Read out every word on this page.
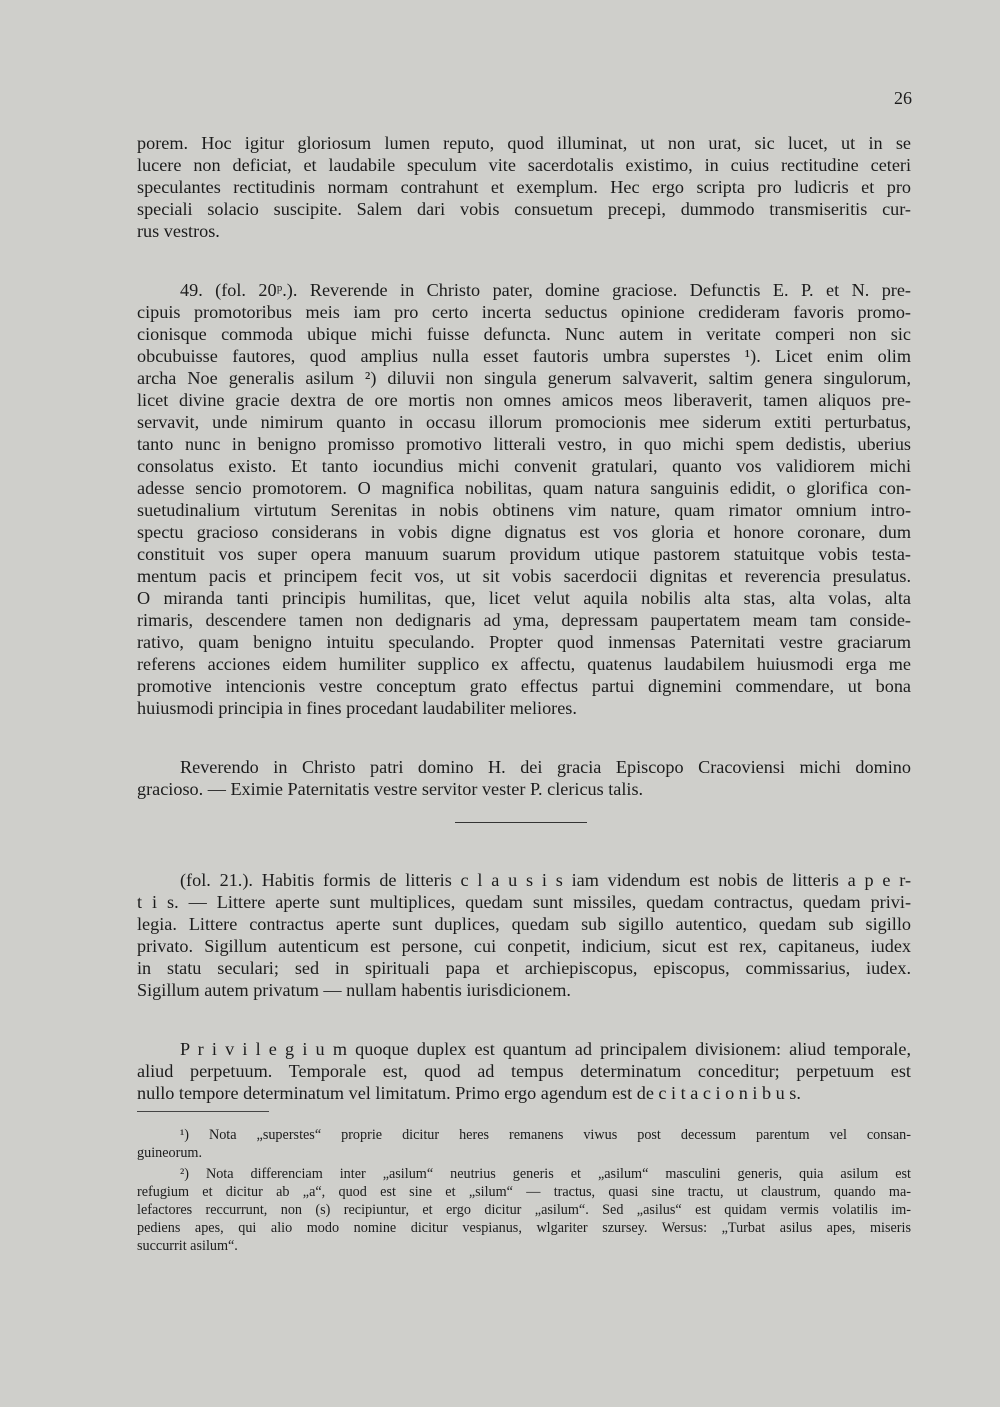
26
porem. Hoc igitur gloriosum lumen reputo, quod illuminat, ut non urat, sic lucet, ut in se
lucere non deficiat, et laudabile speculum vite sacerdotalis existimo, in cuius rectitudine ceteri
speculantes rectitudinis normam contrahunt et exemplum. Hec ergo scripta pro ludicris et pro
speciali solacio suscipite. Salem dari vobis consuetum precepi, dummodo transmiseritis cur-
rus vestros.
49. (fol. 20ᵖ.). Reverende in Christo pater, domine graciose. Defunctis E. P. et N. pre-
cipuis promotoribus meis iam pro certo incerta seductus opinione credideram favoris promo-
cionisque commoda ubique michi fuisse defuncta. Nunc autem in veritate comperi non sic
obcubuisse fautores, quod amplius nulla esset fautoris umbra superstes ¹). Licet enim olim
archa Noe generalis asilum ²) diluvii non singula generum salvaverit, saltim genera singulorum,
licet divine gracie dextra de ore mortis non omnes amicos meos liberaverit, tamen aliquos pre-
servavit, unde nimirum quanto in occasu illorum promocionis mee siderum extiti perturbatus,
tanto nunc in benigno promisso promotivo litterali vestro, in quo michi spem dedistis, uberius
consolatus existo. Et tanto iocundius michi convenit gratulari, quanto vos validiorem michi
adesse sencio promotorem. O magnifica nobilitas, quam natura sanguinis edidit, o glorifica con-
suetudinalium virtutum Serenitas in nobis obtinens vim nature, quam rimator omnium intro-
spectu gracioso considerans in vobis digne dignatus est vos gloria et honore coronare, dum
constituit vos super opera manuum suarum providum utique pastorem statuitque vobis testa-
mentum pacis et principem fecit vos, ut sit vobis sacerdocii dignitas et reverencia presulatus.
O miranda tanti principis humilitas, que, licet velut aquila nobilis alta stas, alta volas, alta
rimaris, descendere tamen non dedignaris ad yma, depressam paupertatem meam tam conside-
rativo, quam benigno intuitu speculando. Propter quod inmensas Paternitati vestre graciarum
referens acciones eidem humiliter supplico ex affectu, quatenus laudabilem huiusmodi erga me
promotive intencionis vestre conceptum grato effectus partui dignemini commendare, ut bona
huiusmodi principia in fines procedant laudabiliter meliores.
Reverendo in Christo patri domino H. dei gracia Episcopo Cracoviensi michi domino
gracioso. — Eximie Paternitatis vestre servitor vester P. clericus talis.
(fol. 21.). Habitis formis de litteris c l a u s i s iam videndum est nobis de litteris a p e r-
t i s. — Littere aperte sunt multiplices, quedam sunt missiles, quedam contractus, quedam privi-
legia. Littere contractus aperte sunt duplices, quedam sub sigillo autentico, quedam sub sigillo
privato. Sigillum autenticum est persone, cui conpetit, indicium, sicut est rex, capitaneus, iudex
in statu seculari; sed in spirituali papa et archiepiscopus, episcopus, commissarius, iudex.
Sigillum autem privatum — nullam habentis iurisdicionem.
P r i v i l e g i u m quoque duplex est quantum ad principalem divisionem: aliud temporale,
aliud perpetuum. Temporale est, quod ad tempus determinatum conceditur; perpetuum est
nullo tempore determinatum vel limitatum. Primo ergo agendum est de c i t a c i o n i b u s.
¹) Nota „superstes“ proprie dicitur heres remanens viwus post decessum parentum vel consan-
guineorum.
²) Nota differenciam inter „asilum“ neutrius generis et „asilum“ masculini generis, quia asilum est
refugium et dicitur ab „a“, quod est sine et „silum“ — tractus, quasi sine tractu, ut claustrum, quando ma-
lefactores reccurrunt, non (s) recipiuntur, et ergo dicitur „asilum“. Sed „asilus“ est quidam vermis volatilis im-
pediens apes, qui alio modo nomine dicitur vespianus, wlgariter szursey. Wersus: „Turbat asilus apes, miseris
succurrit asilum“.
